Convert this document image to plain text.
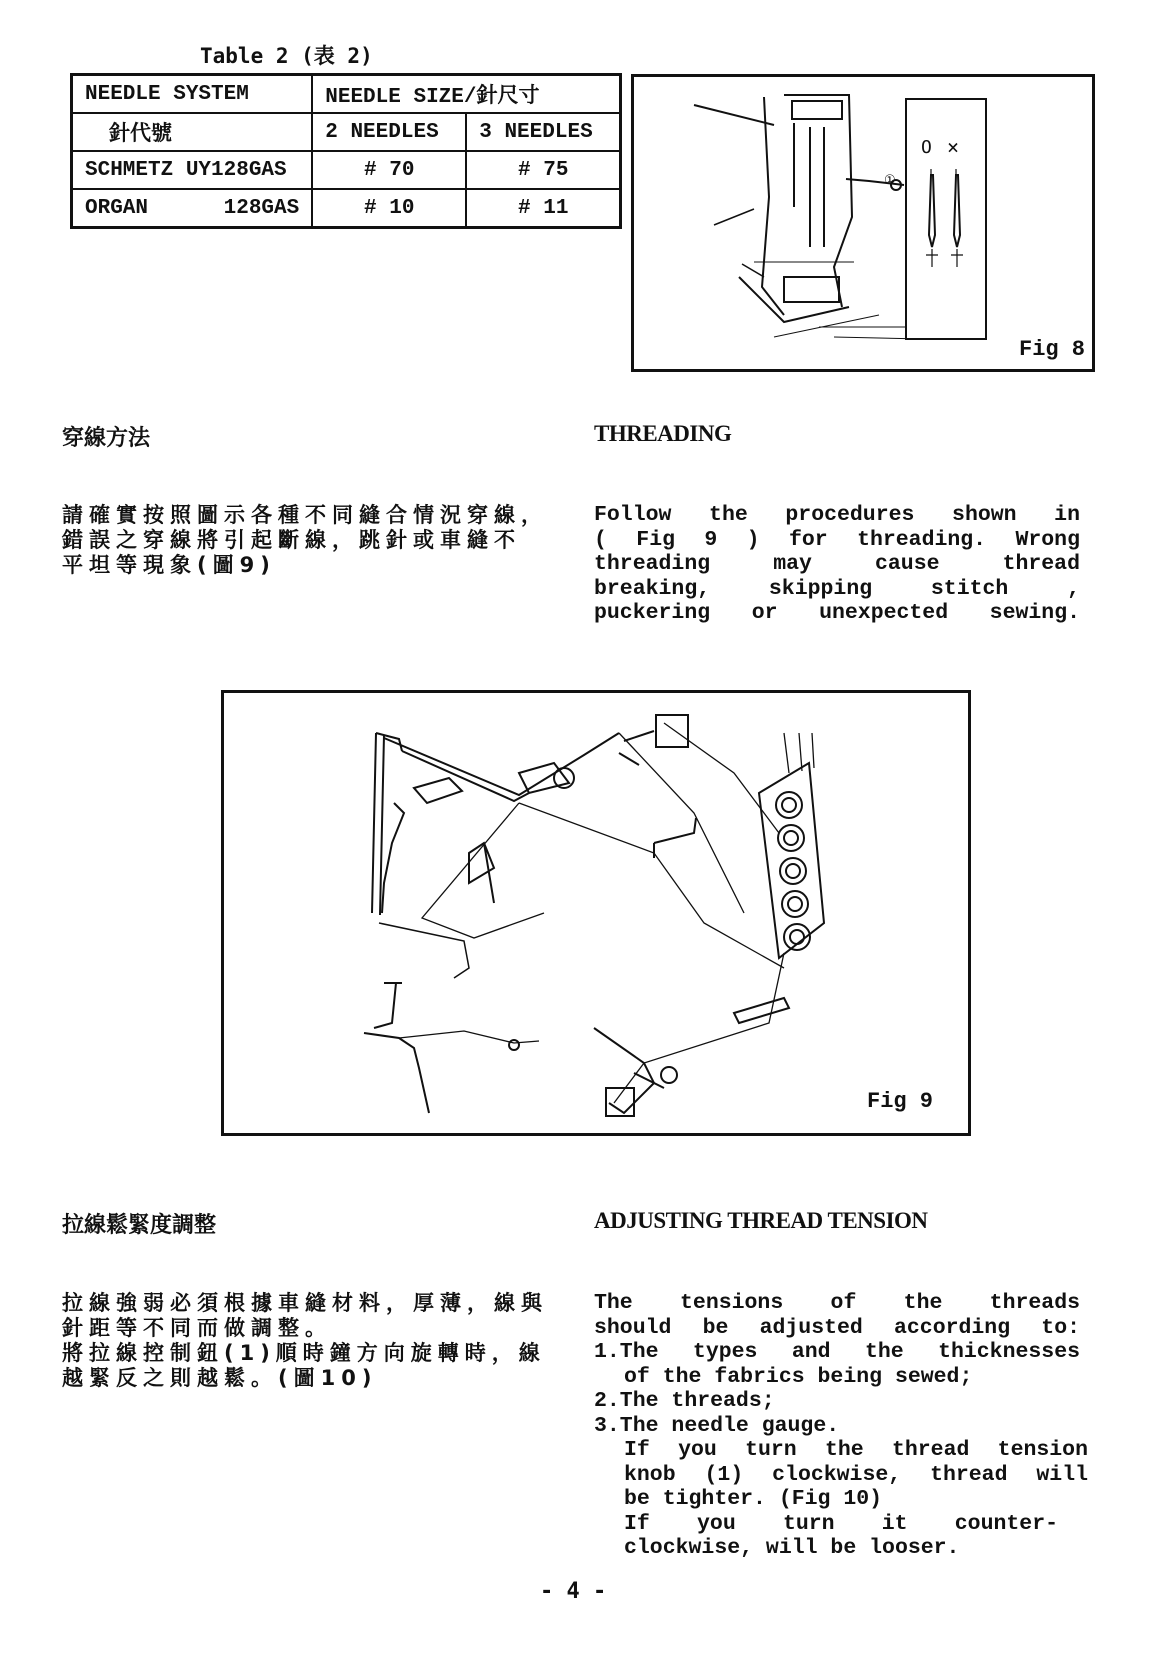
Table 2 (表 2)
NEEDLE SYSTEM	NEEDLE SIZE/針尺寸	
針代號	2 NEEDLES	3 NEEDLES
SCHMETZ UY128GAS	# 70	# 75
ORGAN      128GAS	# 10	# 11
O ×
①
Fig 8
穿線方法	THREADING
請確實按照圖示各種不同縫合情況穿線，
錯誤之穿線將引起斷線，跳針或車縫不
平坦等現象(圖9)
Follow the procedures shown in
( Fig 9 ) for threading. Wrong
threading may cause thread
breaking, skipping stitch ,
puckering or unexpected sewing.
Fig 9
拉線鬆緊度調整	ADJUSTING THREAD TENSION
拉線強弱必須根據車縫材料，厚薄，線與
針距等不同而做調整。
將拉線控制鈕(1)順時鐘方向旋轉時，線
越緊反之則越鬆。(圖10)
The tensions of the threads
should be adjusted according to:
1.The types and the thicknesses
of the fabrics being sewed;
2.The threads;
3.The needle gauge.
If you turn the thread tension
knob (1) clockwise, thread will
be tighter. (Fig 10)
If you turn it counter-
clockwise, will be looser.
- 4 -
